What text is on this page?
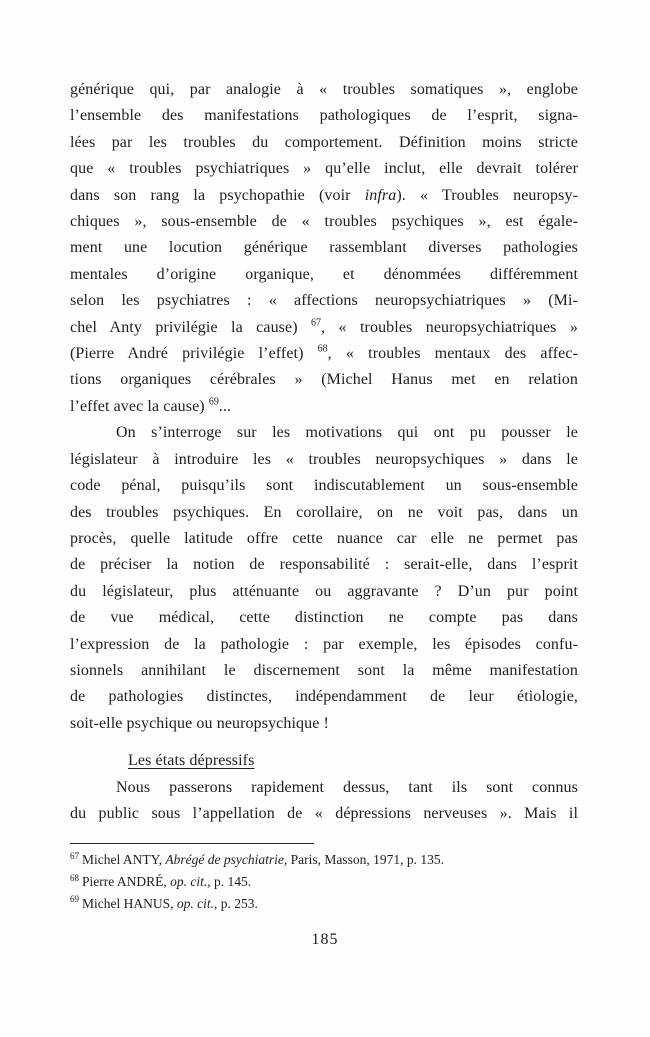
générique qui, par analogie à « troubles somatiques », englobe
l’ensemble des manifestations pathologiques de l’esprit, signa-
lées par les troubles du comportement. Définition moins stricte
que « troubles psychiatriques » qu’elle inclut, elle devrait tolérer
dans son rang la psychopathie (voir infra). « Troubles neuropsy-
chiques », sous-ensemble de « troubles psychiques », est égale-
ment une locution générique rassemblant diverses pathologies
mentales d’origine organique, et dénommées différemment
selon les psychiatres : « affections neuropsychiatriques » (Mi-
chel Anty privilégie la cause) $^{67}$, « troubles neuropsychiatriques »
(Pierre André privilégie l’effet) $^{68}$, « troubles mentaux des affec-
tions organiques cérébrales » (Michel Hanus met en relation
l’effet avec la cause) $^{69}$...
On s’interroge sur les motivations qui ont pu pousser le
législateur à introduire les « troubles neuropsychiques » dans le
code pénal, puisqu’ils sont indiscutablement un sous-ensemble
des troubles psychiques. En corollaire, on ne voit pas, dans un
procès, quelle latitude offre cette nuance car elle ne permet pas
de préciser la notion de responsabilité : serait-elle, dans l’esprit
du législateur, plus atténuante ou aggravante ? D’un pur point
de vue médical, cette distinction ne compte pas dans
l’expression de la pathologie : par exemple, les épisodes confu-
sionnels annihilant le discernement sont la même manifestation
de pathologies distinctes, indépendamment de leur étiologie,
soit-elle psychique ou neuropsychique !
Les états dépressifs
Nous passerons rapidement dessus, tant ils sont connus
du public sous l’appellation de « dépressions nerveuses ». Mais il
$^{67}$ Michel ANTY, Abrégé de psychiatrie, Paris, Masson, 1971, p. 135.
$^{68}$ Pierre ANDRÉ, op. cit., p. 145.
$^{69}$ Michel HANUS, op. cit., p. 253.
185
